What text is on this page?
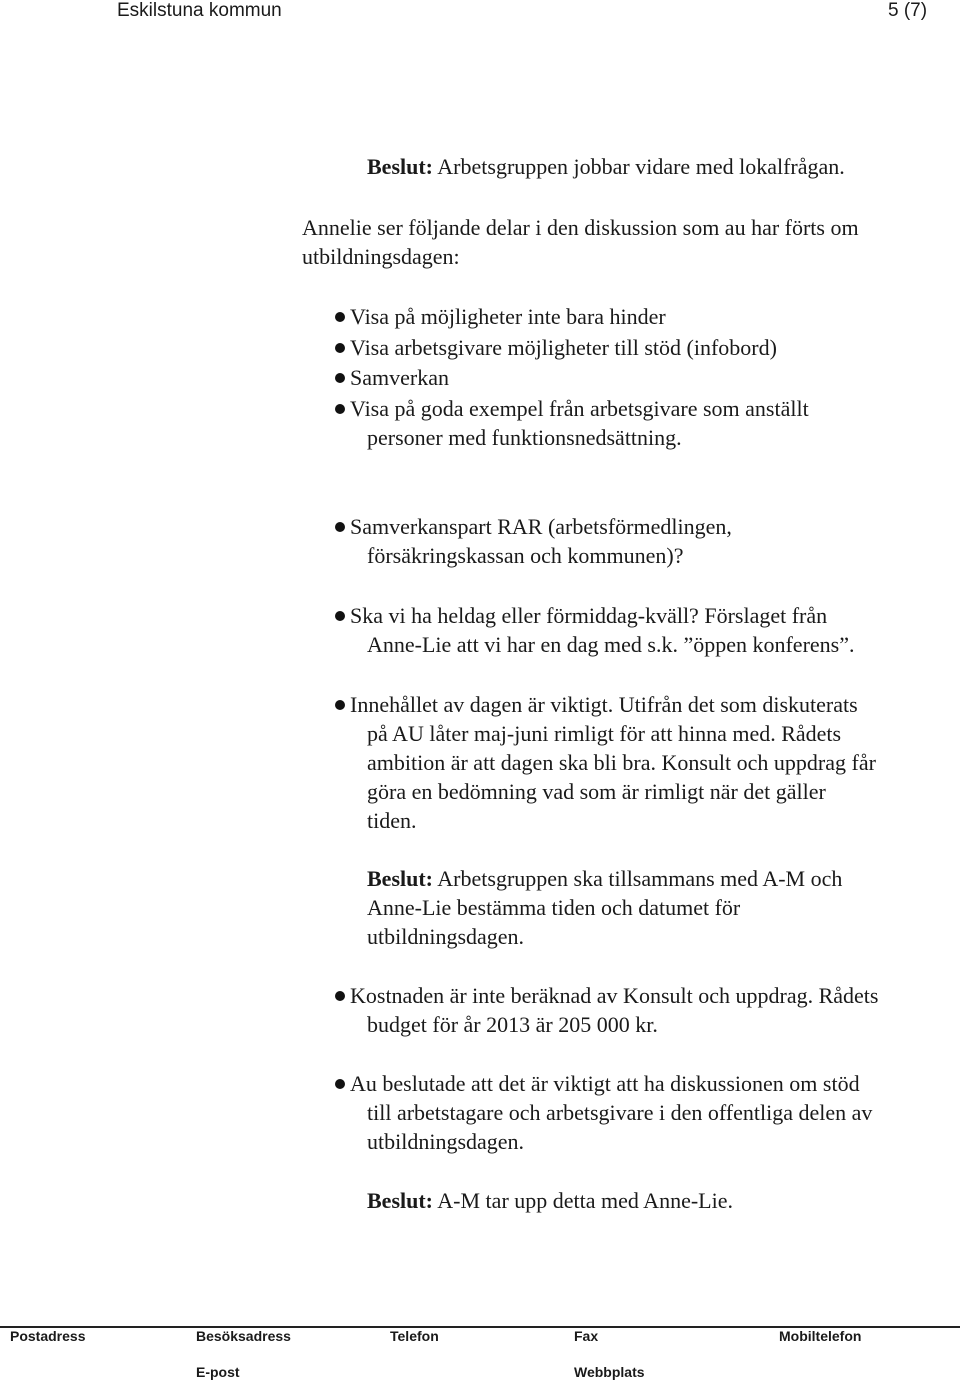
Eskilstuna kommun	5 (7)
Beslut: Arbetsgruppen jobbar vidare med lokalfrågan.
Annelie ser följande delar i den diskussion som au har förts om
utbildningsdagen:
Visa på möjligheter inte bara hinder
Visa arbetsgivare möjligheter till stöd (infobord)
Samverkan
Visa på goda exempel från arbetsgivare som anställt
personer med funktionsnedsättning.
Samverkanspart RAR (arbetsförmedlingen,
försäkringskassan och kommunen)?
Ska vi ha heldag eller förmiddag-kväll? Förslaget från
Anne-Lie att vi har en dag med s.k. ”öppen konferens”.
Innehållet av dagen är viktigt. Utifrån det som diskuterats
på AU låter maj-juni rimligt för att hinna med. Rådets
ambition är att dagen ska bli bra. Konsult och uppdrag får
göra en bedömning vad som är rimligt när det gäller
tiden.
Beslut: Arbetsgruppen ska tillsammans med A-M och
Anne-Lie bestämma tiden och datumet för
utbildningsdagen.
Kostnaden är inte beräknad av Konsult och uppdrag. Rådets
budget för år 2013 är 205 000 kr.
Au beslutade att det är viktigt att ha diskussionen om stöd
till arbetstagare och arbetsgivare i den offentliga delen av
utbildningsdagen.
Beslut: A-M tar upp detta med Anne-Lie.
Postadress	Besöksadress	Telefon	Fax	Mobiltelefon
E-post	Webbplats
